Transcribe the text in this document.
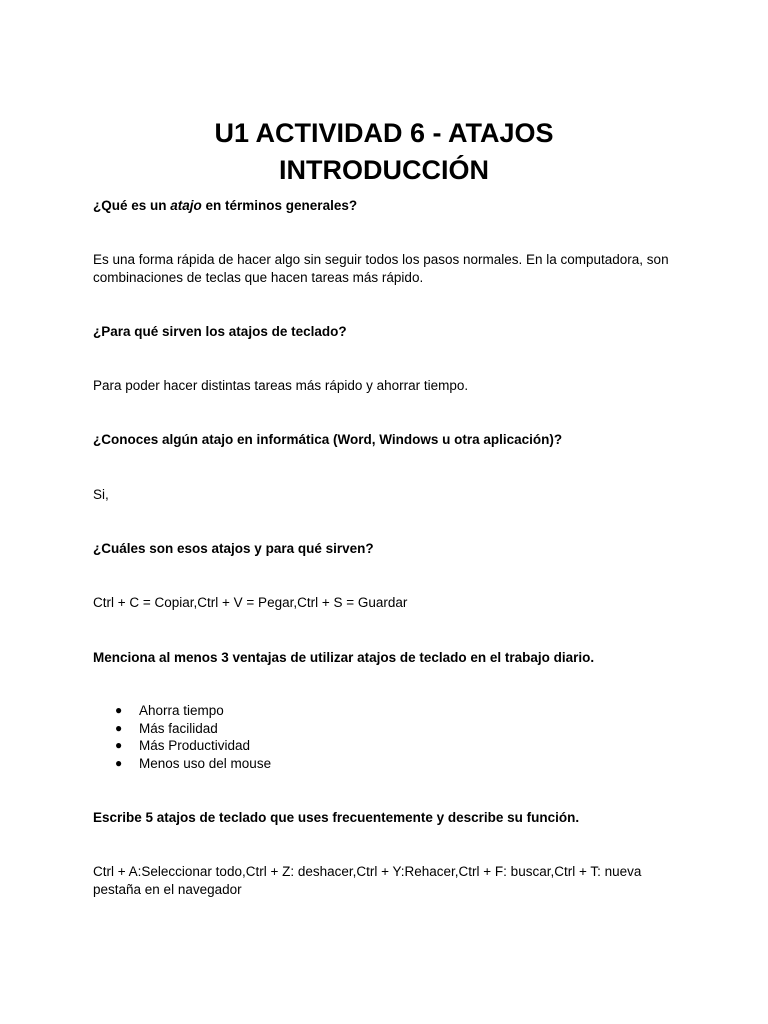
U1 ACTIVIDAD 6 - ATAJOS
INTRODUCCIÓN

¿Qué es un atajo en términos generales?

Es una forma rápida de hacer algo sin seguir todos los pasos normales. En la computadora, son combinaciones de teclas que hacen tareas más rápido.

¿Para qué sirven los atajos de teclado?

Para poder hacer distintas tareas más rápido y ahorrar tiempo.

¿Conoces algún atajo en informática (Word, Windows u otra aplicación)?

Si,

¿Cuáles son esos atajos y para qué sirven?

Ctrl + C = Copiar,Ctrl + V = Pegar,Ctrl + S = Guardar

Menciona al menos 3 ventajas de utilizar atajos de teclado en el trabajo diario.

● Ahorra tiempo
● Más facilidad
● Más Productividad
● Menos uso del mouse

Escribe 5 atajos de teclado que uses frecuentemente y describe su función.

Ctrl + A:Seleccionar todo,Ctrl + Z: deshacer,Ctrl + Y:Rehacer,Ctrl + F: buscar,Ctrl + T: nueva pestaña en el navegador
